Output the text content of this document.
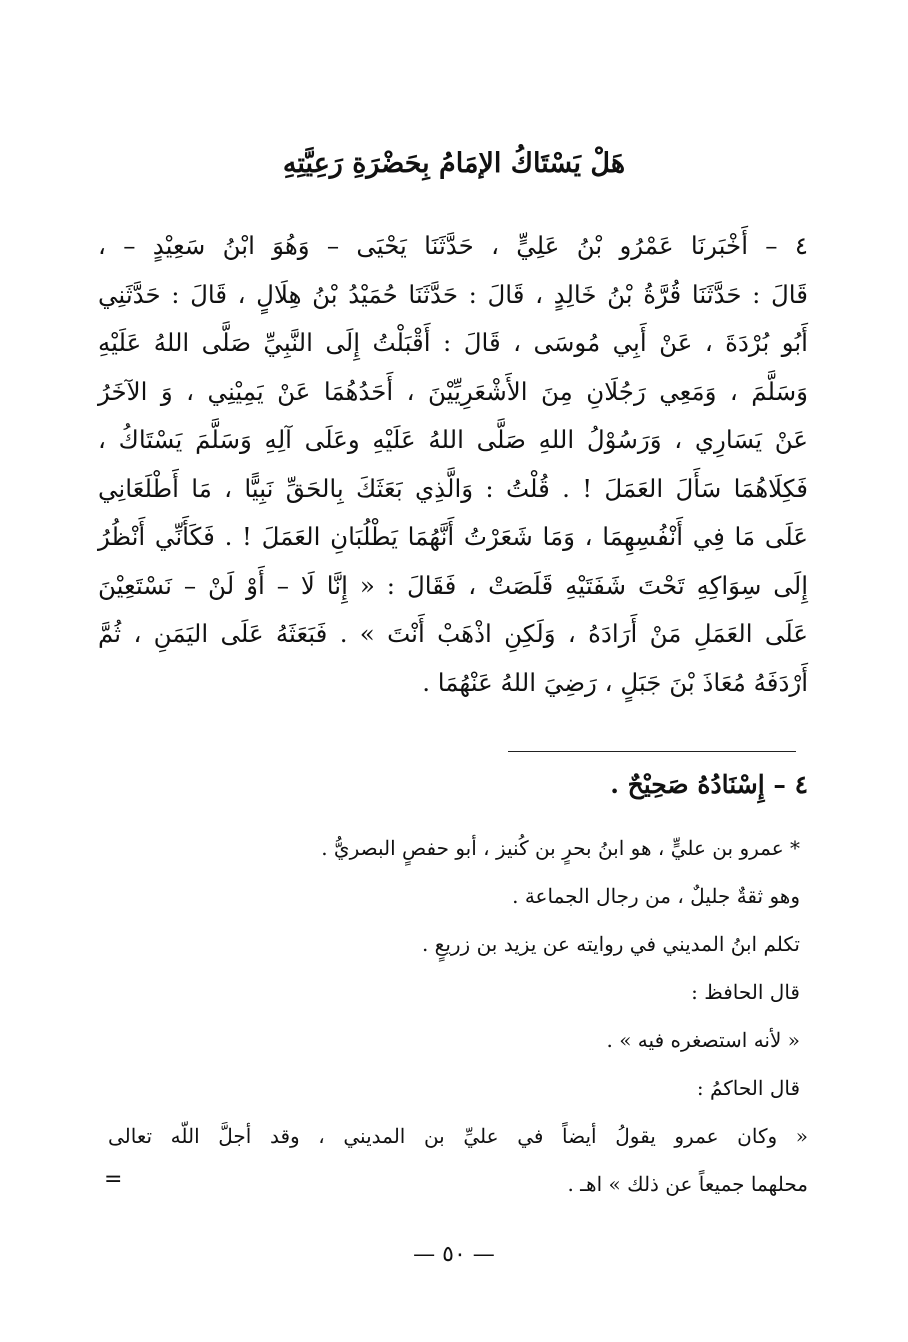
هَلْ يَسْتَاكُ الإمَامُ بِحَضْرَةِ رَعِيَّتِهِ
٤ – أَخْبَرنَا عَمْرُو بْنُ عَلِيٍّ ، حَدَّثَنَا يَحْيَى – وَهُوَ ابْنُ سَعِيْدٍ – ،
قَالَ : حَدَّثَنَا قُرَّةُ بْنُ خَالِدٍ ، قَالَ : حَدَّثَنَا حُمَيْدُ بْنُ هِلَالٍ ، قَالَ : حَدَّثَنِي
أَبُو بُرْدَةَ ، عَنْ أَبِي مُوسَى ، قَالَ : أَقْبَلْتُ إِلَى النَّبِيِّ صَلَّى اللهُ عَلَيْهِ
وَسَلَّمَ ، وَمَعِي رَجُلَانِ مِنَ الأَشْعَرِيِّيْنَ ، أَحَدُهُمَا عَنْ يَمِيْنِي ، وَ الآخَرُ
عَنْ يَسَارِي ، وَرَسُوْلُ اللهِ صَلَّى اللهُ عَلَيْهِ وعَلَى آلِهِ وَسَلَّمَ يَسْتَاكُ ،
فَكِلَاهُمَا سَأَلَ العَمَلَ ! . قُلْتُ : وَالَّذِي بَعَثَكَ بِالحَقِّ نَبِيًّا ، مَا أَطْلَعَانِي
عَلَى مَا فِي أَنْفُسِهِمَا ، وَمَا شَعَرْتُ أَنَّهُمَا يَطْلُبَانِ العَمَلَ ! . فَكَأَنِّي أَنْظُرُ
إِلَى سِوَاكِهِ تَحْتَ شَفَتَيْهِ قَلَصَتْ ، فَقَالَ : « إِنَّا لَا – أَوْ لَنْ – نَسْتَعِيْنَ
عَلَى العَمَلِ مَنْ أَرَادَهُ ، وَلَكِنِ اذْهَبْ أَنْتَ » . فَبَعَثَهُ عَلَى اليَمَنِ ، ثُمَّ
أَرْدَفَهُ مُعَاذَ بْنَ جَبَلٍ ، رَضِيَ اللهُ عَنْهُمَا .
٤ – إِسْنَادُهُ صَحِيْحٌ .
* عمرو بن عليٍّ ، هو ابنُ بحرٍ بن كُنيز ، أبو حفصٍ البصريُّ .
وهو ثقةٌ جليلٌ ، من رجال الجماعة .
تكلم ابنُ المديني في روايته عن يزيد بن زريعٍ .
قال الحافظ :
« لأنه استصغره فيه » .
قال الحاكمُ :
« وكان عمرو يقولُ أيضاً في عليِّ بن المديني ، وقد أجلَّ اللّه تعالى
محلهما جميعاً عن ذلك » اهـ .
=
— ٥٠ —
